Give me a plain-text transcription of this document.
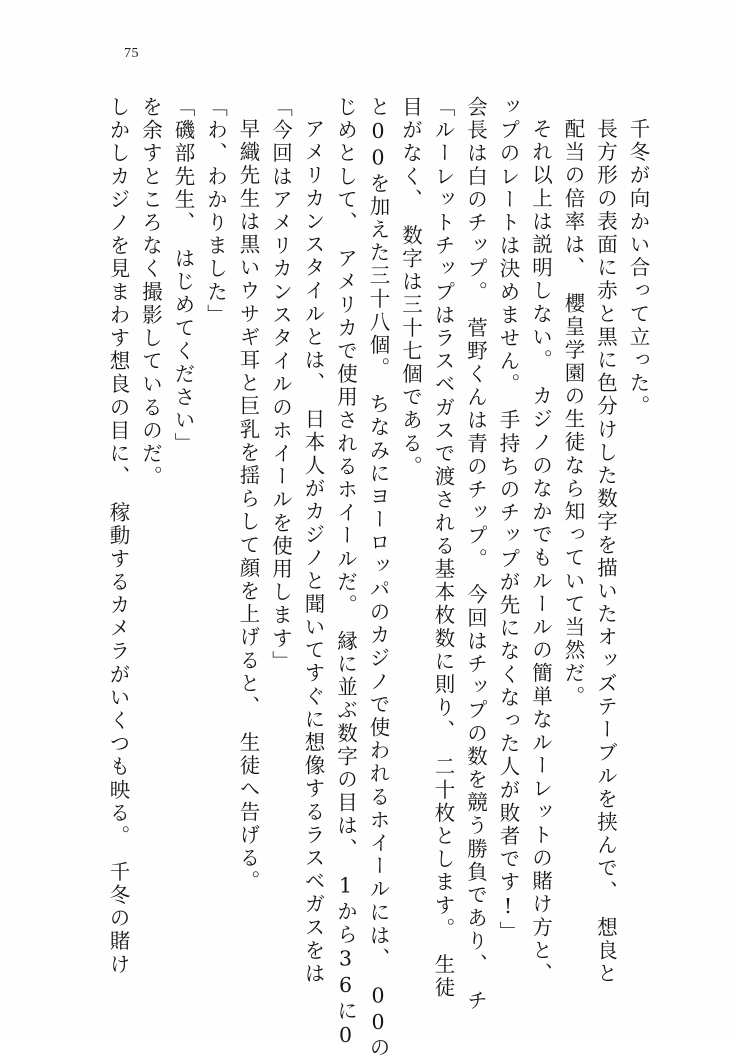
75
しかしカジノを見まわす想良の目に、　稼動するカメラがいくつも映る。　千冬の賭け を余すところなく撮影しているのだ。 「磯部先生、　はじめてください」 「わ、わかりました」 早織先生は黒いウサギ耳と巨乳を揺らして顔を上げると、　生徒へ告げる。 「今回はアメリカンスタイルのホイールを使用します」 アメリカンスタイルとは、　日本人がカジノと聞いてすぐに想像するラスベガスをは じめとして、　アメリカで使用されるホイールだ。　縁に並ぶ数字の目は、　1から36に0 と00を加えた三十八個。　ちなみにヨーロッパのカジノで使われるホイールには、　00の 目がなく、　数字は三十七個である。 「ルーレットチップはラスベガスで渡される基本枚数に則り、　二十枚とします。　生徒 会長は白のチップ。　菅野くんは青のチップ。　今回はチップの数を競う勝負であり、　チ ップのレートは決めません。　手持ちのチップが先になくなった人が敗者です!」 それ以上は説明しない。　カジノのなかでもルールの簡単なルーレットの賭け方と、 配当の倍率は、　櫻皇学園の生徒なら知っていて当然だ。 長方形の表面に赤と黒に色分けした数字を描いたオッズテーブルを挟んで、　想良と 千冬が向かい合って立った。
